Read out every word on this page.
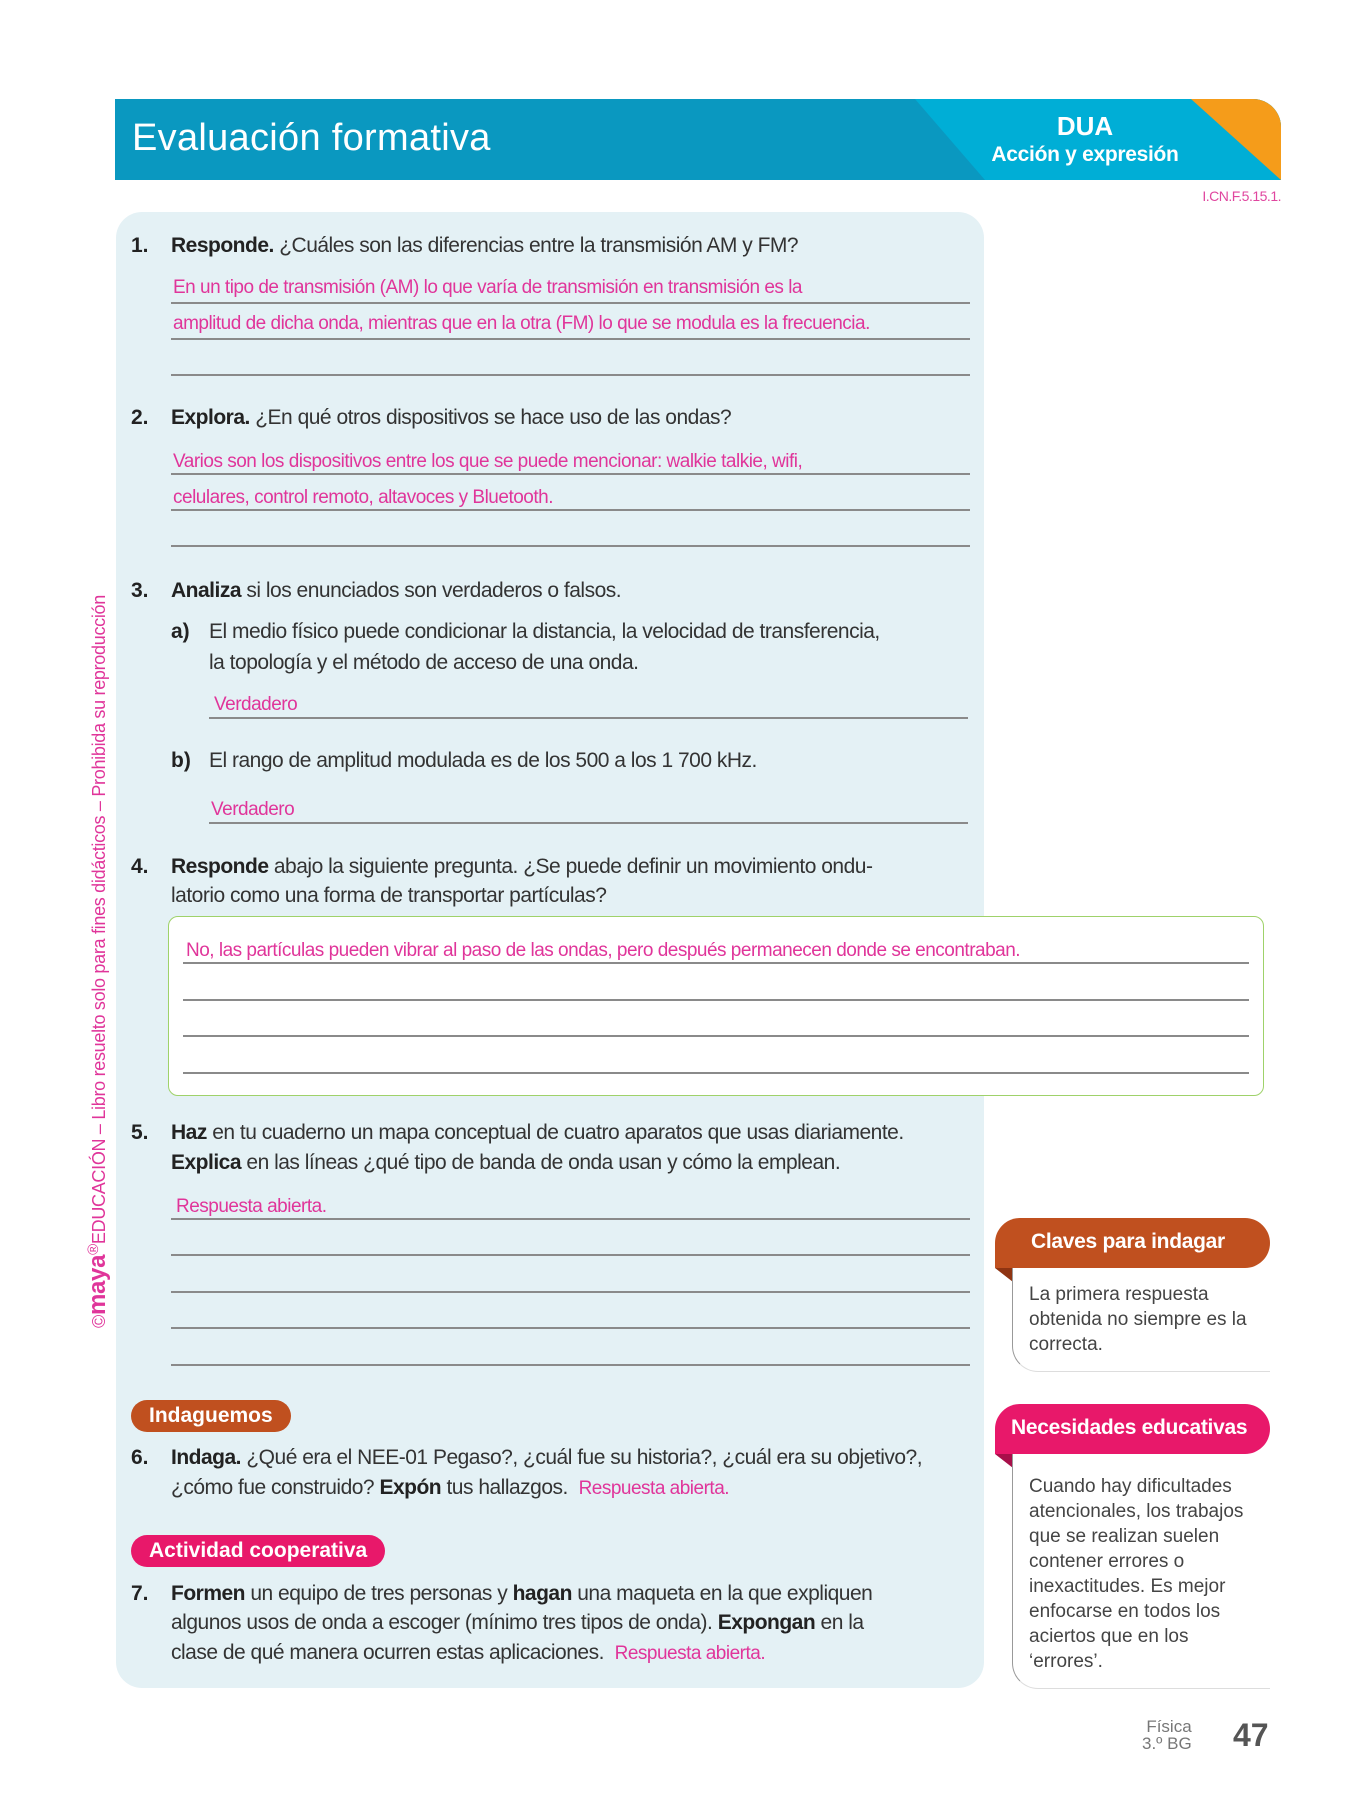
Evaluación formativa	DUA
Acción y expresión
I.CN.F.5.15.1.
©maya®EDUCACIÓN – Libro resuelto solo para fines didácticos – Prohibida su reproducción
1. Responde. ¿Cuáles son las diferencias entre la transmisión AM y FM?
En un tipo de transmisión (AM) lo que varía de transmisión en transmisión es la
amplitud de dicha onda, mientras que en la otra (FM) lo que se modula es la frecuencia.
2. Explora. ¿En qué otros dispositivos se hace uso de las ondas?
Varios son los dispositivos entre los que se puede mencionar: walkie talkie, wifi,
celulares, control remoto, altavoces y Bluetooth.
3. Analiza si los enunciados son verdaderos o falsos.
a) El medio físico puede condicionar la distancia, la velocidad de transferencia,
la topología y el método de acceso de una onda.
Verdadero
b) El rango de amplitud modulada es de los 500 a los 1 700 kHz.
Verdadero
4. Responde abajo la siguiente pregunta. ¿Se puede definir un movimiento ondu-
latorio como una forma de transportar partículas?
No, las partículas pueden vibrar al paso de las ondas, pero después permanecen donde se encontraban.
5. Haz en tu cuaderno un mapa conceptual de cuatro aparatos que usas diariamente.
Explica en las líneas ¿qué tipo de banda de onda usan y cómo la emplean.
Respuesta abierta.
Indaguemos
6. Indaga. ¿Qué era el NEE-01 Pegaso?, ¿cuál fue su historia?, ¿cuál era su objetivo?,
¿cómo fue construido? Expón tus hallazgos. Respuesta abierta.
Actividad cooperativa
7. Formen un equipo de tres personas y hagan una maqueta en la que expliquen
algunos usos de onda a escoger (mínimo tres tipos de onda). Expongan en la
clase de qué manera ocurren estas aplicaciones. Respuesta abierta.
Claves para indagar
La primera respuesta obtenida no siempre es la correcta.
Necesidades educativas
Cuando hay dificultades atencionales, los trabajos que se realizan suelen contener errores o inexactitudes. Es mejor enfocarse en todos los aciertos que en los ‘errores’.
Física
3.º BG 47
